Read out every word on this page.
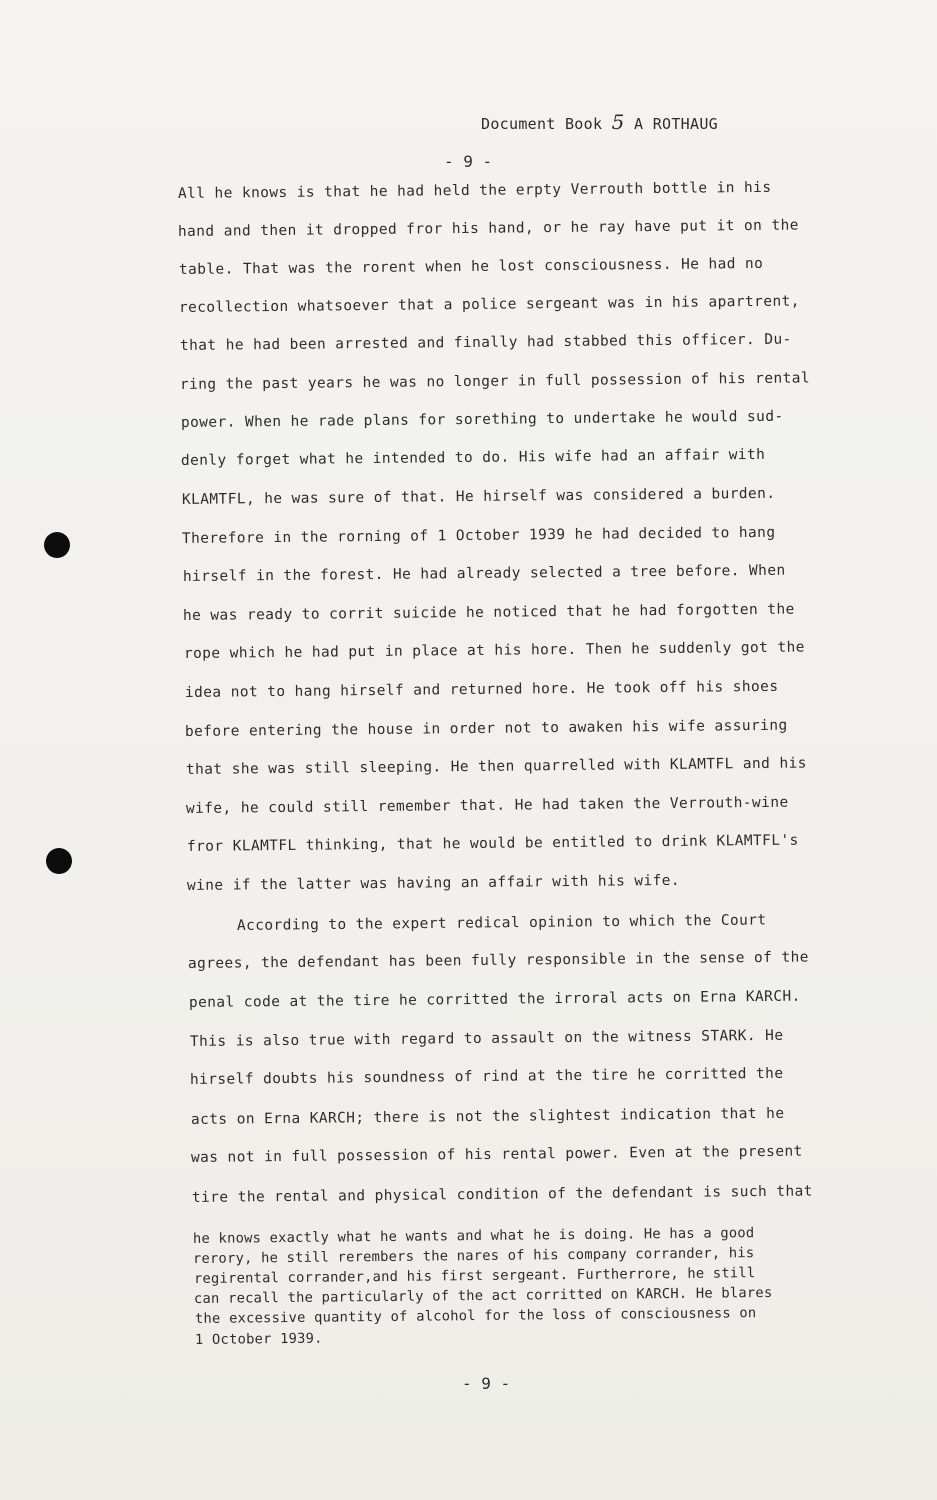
Document Book 5 A ROTHAUG
- 9 -
All he knows is that he had held the erpty Verrouth bottle in his
hand and then it dropped fror his hand, or he ray have put it on the
table. That was the rorent when he lost consciousness. He had no
recollection whatsoever that a police sergeant was in his apartrent,
that he had been arrested and finally had stabbed this officer. Du-
ring the past years he was no longer in full possession of his rental
power. When he rade plans for sorething to undertake he would sud-
denly forget what he intended to do. His wife had an affair with
KLAMTFL, he was sure of that. He hirself was considered a burden.
Therefore in the rorning of 1 October 1939 he had decided to hang
hirself in the forest. He had already selected a tree before. When
he was ready to corrit suicide he noticed that he had forgotten the
rope which he had put in place at his hore. Then he suddenly got the
idea not to hang hirself and returned hore. He took off his shoes
before entering the house in order not to awaken his wife assuring
that she was still sleeping. He then quarrelled with KLAMTFL and his
wife, he could still remember that. He had taken the Verrouth-wine
fror KLAMTFL thinking, that he would be entitled to drink KLAMTFL's
wine if the latter was having an affair with his wife.
According to the expert redical opinion to which the Court
agrees, the defendant has been fully responsible in the sense of the
penal code at the tire he corritted the irroral acts on Erna KARCH.
This is also true with regard to assault on the witness STARK. He
hirself doubts his soundness of rind at the tire he corritted the
acts on Erna KARCH; there is not the slightest indication that he
was not in full possession of his rental power. Even at the present
tire the rental and physical condition of the defendant is such that
he knows exactly what he wants and what he is doing. He has a good
rerory, he still rerembers the nares of his company corrander, his
regirental corrander,and his first sergeant. Furtherrore, he still
can recall the particularly of the act corritted on KARCH. He blares
the excessive quantity of alcohol for the loss of consciousness on
1 October 1939.
- 9 -
